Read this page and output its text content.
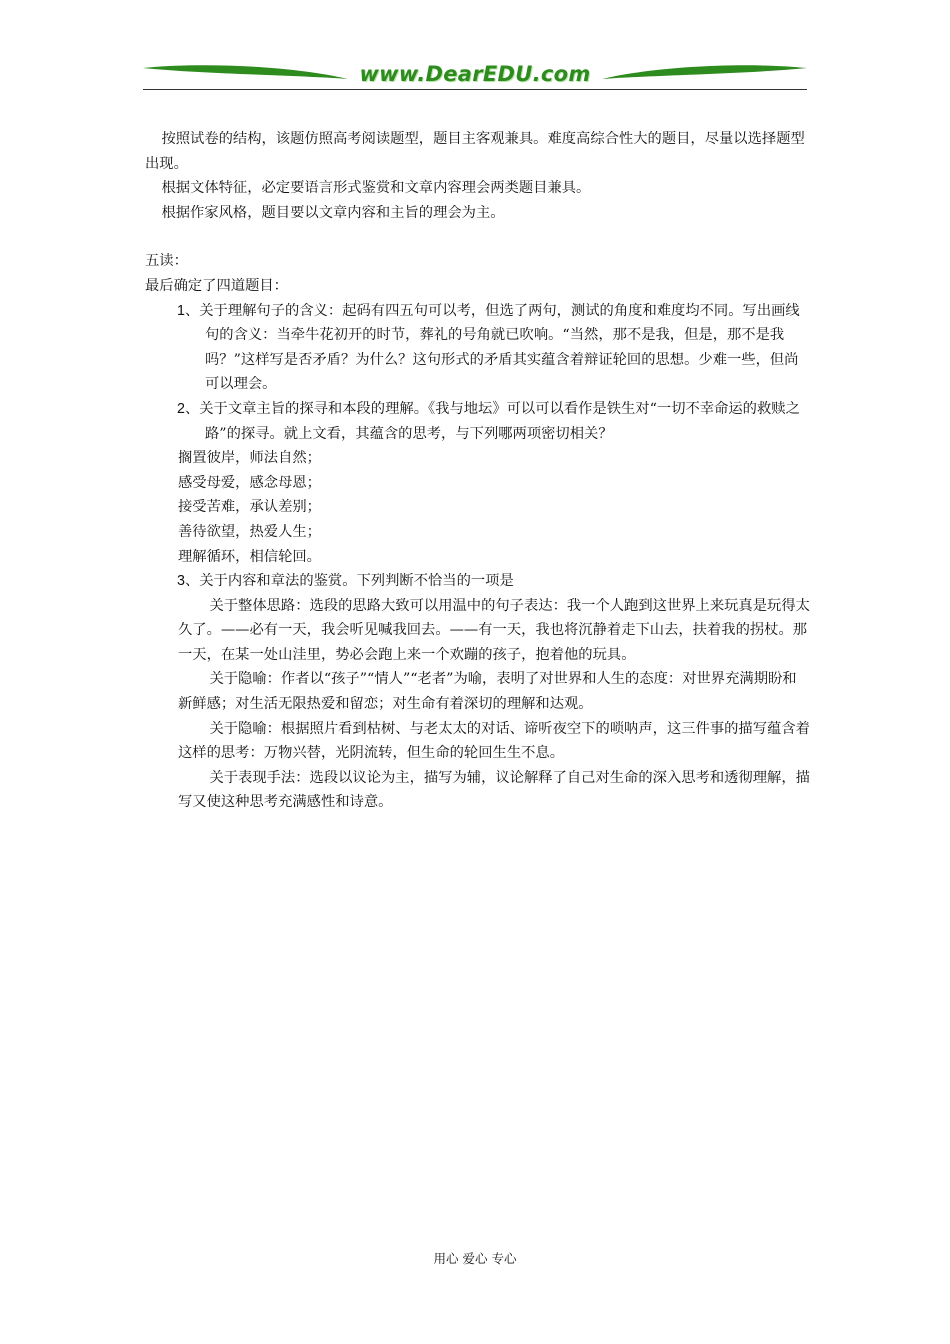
www.DearEDU.com

按照试卷的结构，该题仿照高考阅读题型，题目主客观兼具。难度高综合性大的题目，尽量以选择题型出现。

根据文体特征，必定要语言形式鉴赏和文章内容理会两类题目兼具。

根据作家风格，题目要以文章内容和主旨的理会为主。

五读：

最后确定了四道题目：

1、关于理解句子的含义：起码有四五句可以考，但选了两句，测试的角度和难度均不同。写出画线句的含义：当牵牛花初开的时节，葬礼的号角就已吹响。“当然，那不是我，但是，那不是我吗？”这样写是否矛盾？为什么？这句形式的矛盾其实蕴含着辩证轮回的思想。少难一些，但尚可以理会。

2、关于文章主旨的探寻和本段的理解。《我与地坛》可以可以看作是铁生对“一切不幸命运的救赎之路”的探寻。就上文看，其蕴含的思考，与下列哪两项密切相关？

搁置彼岸，师法自然；

感受母爱，感念母恩；

接受苦难，承认差别；

善待欲望，热爱人生；

理解循环，相信轮回。

3、关于内容和章法的鉴赏。下列判断不恰当的一项是

关于整体思路：选段的思路大致可以用温中的句子表达：我一个人跑到这世界上来玩真是玩得太久了。——必有一天，我会听见喊我回去。——有一天，我也将沉静着走下山去，扶着我的拐杖。那一天，在某一处山洼里，势必会跑上来一个欢蹦的孩子，抱着他的玩具。

关于隐喻：作者以“孩子”“情人”“老者”为喻，表明了对世界和人生的态度：对世界充满期盼和新鲜感；对生活无限热爱和留恋；对生命有着深切的理解和达观。

关于隐喻：根据照片看到枯树、与老太太的对话、谛听夜空下的唢呐声，这三件事的描写蕴含着这样的思考：万物兴替，光阴流转，但生命的轮回生生不息。

关于表现手法：选段以议论为主，描写为辅，议论解释了自己对生命的深入思考和透彻理解，描写又使这种思考充满感性和诗意。

用心 爱心 专心
